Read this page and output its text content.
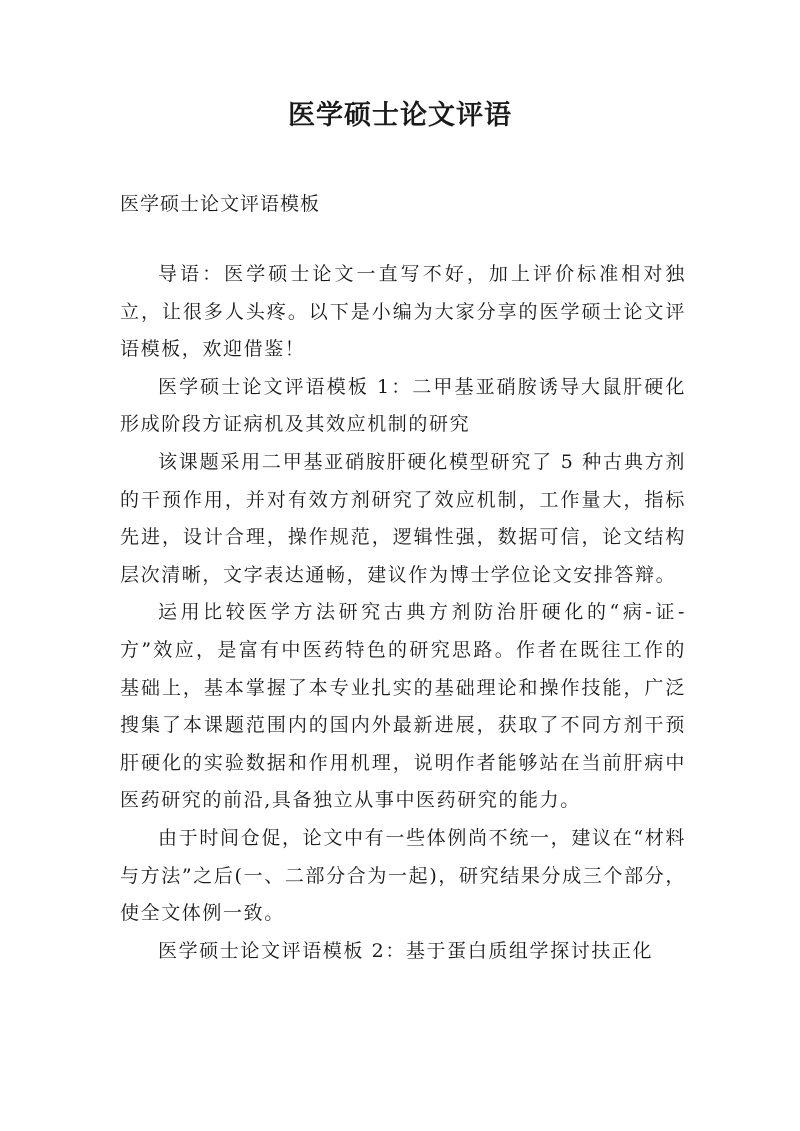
医学硕士论文评语
医学硕士论文评语模板

导语：医学硕士论文一直写不好，加上评价标准相对独立，让很多人头疼。以下是小编为大家分享的医学硕士论文评语模板，欢迎借鉴！

医学硕士论文评语模板 1：二甲基亚硝胺诱导大鼠肝硬化形成阶段方证病机及其效应机制的研究

该课题采用二甲基亚硝胺肝硬化模型研究了 5 种古典方剂的干预作用，并对有效方剂研究了效应机制，工作量大，指标先进，设计合理，操作规范，逻辑性强，数据可信，论文结构层次清晰，文字表达通畅，建议作为博士学位论文安排答辩。

运用比较医学方法研究古典方剂防治肝硬化的“病-证-方”效应，是富有中医药特色的研究思路。作者在既往工作的基础上，基本掌握了本专业扎实的基础理论和操作技能，广泛搜集了本课题范围内的国内外最新进展，获取了不同方剂干预肝硬化的实验数据和作用机理，说明作者能够站在当前肝病中医药研究的前沿,具备独立从事中医药研究的能力。

由于时间仓促，论文中有一些体例尚不统一，建议在“材料与方法”之后(一、二部分合为一起)，研究结果分成三个部分，使全文体例一致。

医学硕士论文评语模板 2：基于蛋白质组学探讨扶正化
